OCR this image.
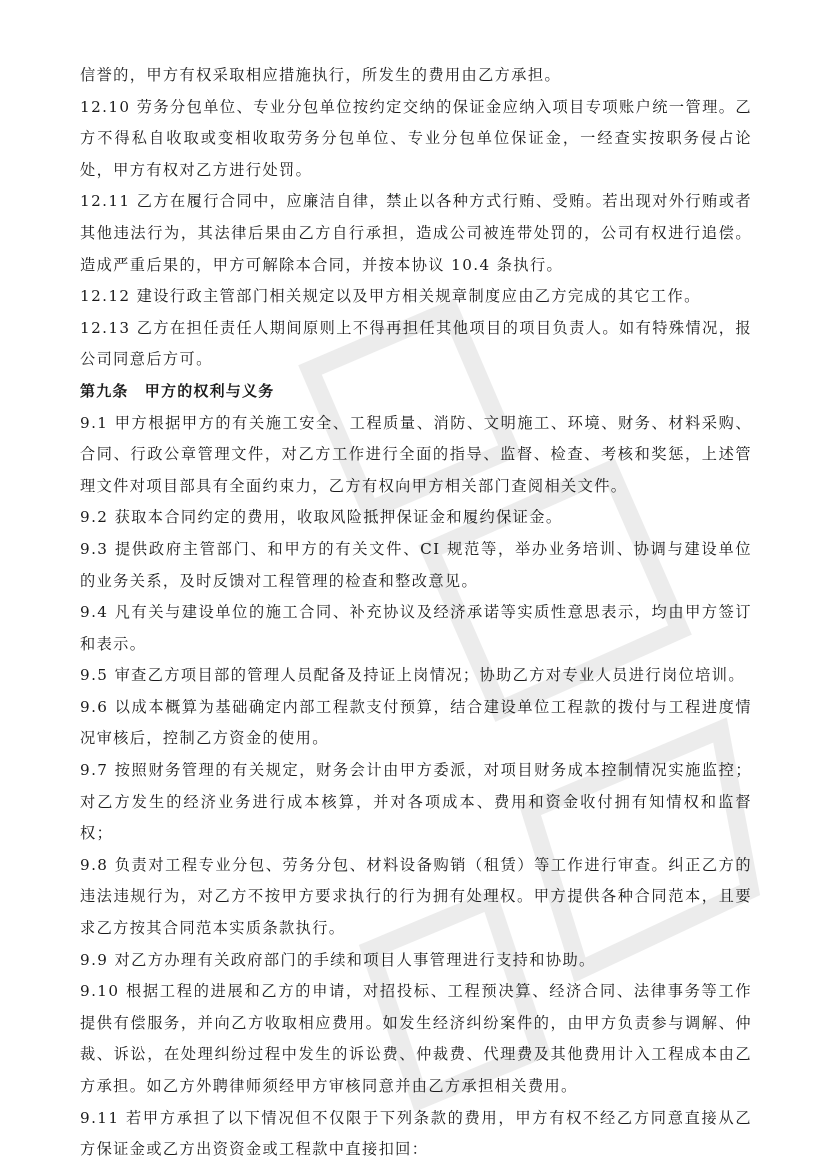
信誉的，甲方有权采取相应措施执行，所发生的费用由乙方承担。

12.10 劳务分包单位、专业分包单位按约定交纳的保证金应纳入项目专项账户统一管理。乙方不得私自收取或变相收取劳务分包单位、专业分包单位保证金，一经查实按职务侵占论处，甲方有权对乙方进行处罚。

12.11 乙方在履行合同中，应廉洁自律，禁止以各种方式行贿、受贿。若出现对外行贿或者其他违法行为，其法律后果由乙方自行承担，造成公司被连带处罚的，公司有权进行追偿。造成严重后果的，甲方可解除本合同，并按本协议 10.4 条执行。

12.12 建设行政主管部门相关规定以及甲方相关规章制度应由乙方完成的其它工作。

12.13 乙方在担任责任人期间原则上不得再担任其他项目的项目负责人。如有特殊情况，报公司同意后方可。

第九条　甲方的权利与义务

9.1 甲方根据甲方的有关施工安全、工程质量、消防、文明施工、环境、财务、材料采购、合同、行政公章管理文件，对乙方工作进行全面的指导、监督、检查、考核和奖惩，上述管理文件对项目部具有全面约束力，乙方有权向甲方相关部门查阅相关文件。

9.2 获取本合同约定的费用，收取风险抵押保证金和履约保证金。

9.3 提供政府主管部门、和甲方的有关文件、CI 规范等，举办业务培训、协调与建设单位的业务关系，及时反馈对工程管理的检查和整改意见。

9.4 凡有关与建设单位的施工合同、补充协议及经济承诺等实质性意思表示，均由甲方签订和表示。

9.5 审查乙方项目部的管理人员配备及持证上岗情况；协助乙方对专业人员进行岗位培训。

9.6 以成本概算为基础确定内部工程款支付预算，结合建设单位工程款的拨付与工程进度情况审核后，控制乙方资金的使用。

9.7 按照财务管理的有关规定，财务会计由甲方委派，对项目财务成本控制情况实施监控；对乙方发生的经济业务进行成本核算，并对各项成本、费用和资金收付拥有知情权和监督权；

9.8 负责对工程专业分包、劳务分包、材料设备购销（租赁）等工作进行审查。纠正乙方的违法违规行为，对乙方不按甲方要求执行的行为拥有处理权。甲方提供各种合同范本，且要求乙方按其合同范本实质条款执行。

9.9 对乙方办理有关政府部门的手续和项目人事管理进行支持和协助。

9.10 根据工程的进展和乙方的申请，对招投标、工程预决算、经济合同、法律事务等工作提供有偿服务，并向乙方收取相应费用。如发生经济纠纷案件的，由甲方负责参与调解、仲裁、诉讼，在处理纠纷过程中发生的诉讼费、仲裁费、代理费及其他费用计入工程成本由乙方承担。如乙方外聘律师须经甲方审核同意并由乙方承担相关费用。

9.11 若甲方承担了以下情况但不仅限于下列条款的费用，甲方有权不经乙方同意直接从乙方保证金或乙方出资资金或工程款中直接扣回：
